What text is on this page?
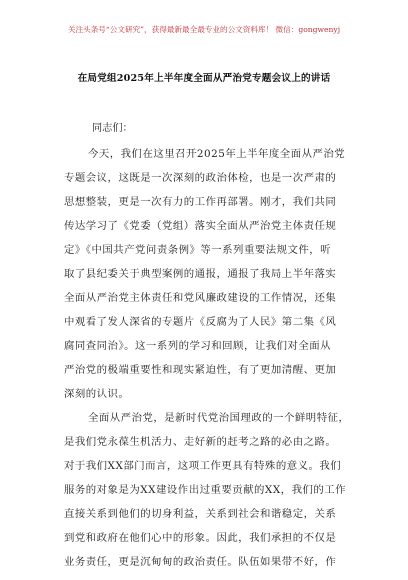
关注头条号“公文研究”，获得最新最全最专业的公文资料库！ 微信：gongwenyj
在局党组2025年上半年度全面从严治党专题会议上的讲话
同志们：
今天，我们在这里召开2025年上半年度全面从严治党
专题会议，这既是一次深刻的政治体检，也是一次严肃的
思想整装，更是一次有力的工作再部署。刚才，我们共同
传达学习了《党委（党组）落实全面从严治党主体责任规
定》《中国共产党问责条例》等一系列重要法规文件，听
取了县纪委关于典型案例的通报，通报了我局上半年落实
全面从严治党主体责任和党风廉政建设的工作情况，还集
中观看了发人深省的专题片《反腐为了人民》第二集《风
腐同查同治》。这一系列的学习和回顾，让我们对全面从
严治党的极端重要性和现实紧迫性，有了更加清醒、更加
深刻的认识。
全面从严治党，是新时代党治国理政的一个鲜明特征，
是我们党永葆生机活力、走好新的赶考之路的必由之路。
对于我们XX部门而言，这项工作更具有特殊的意义。我们
服务的对象是为XX建设作出过重要贡献的XX，我们的工作
直接关系到他们的切身利益，关系到社会和谐稳定，关系
到党和政府在他们心中的形象。因此，我们承担的不仅是
业务责任，更是沉甸甸的政治责任。队伍如果带不好，作
